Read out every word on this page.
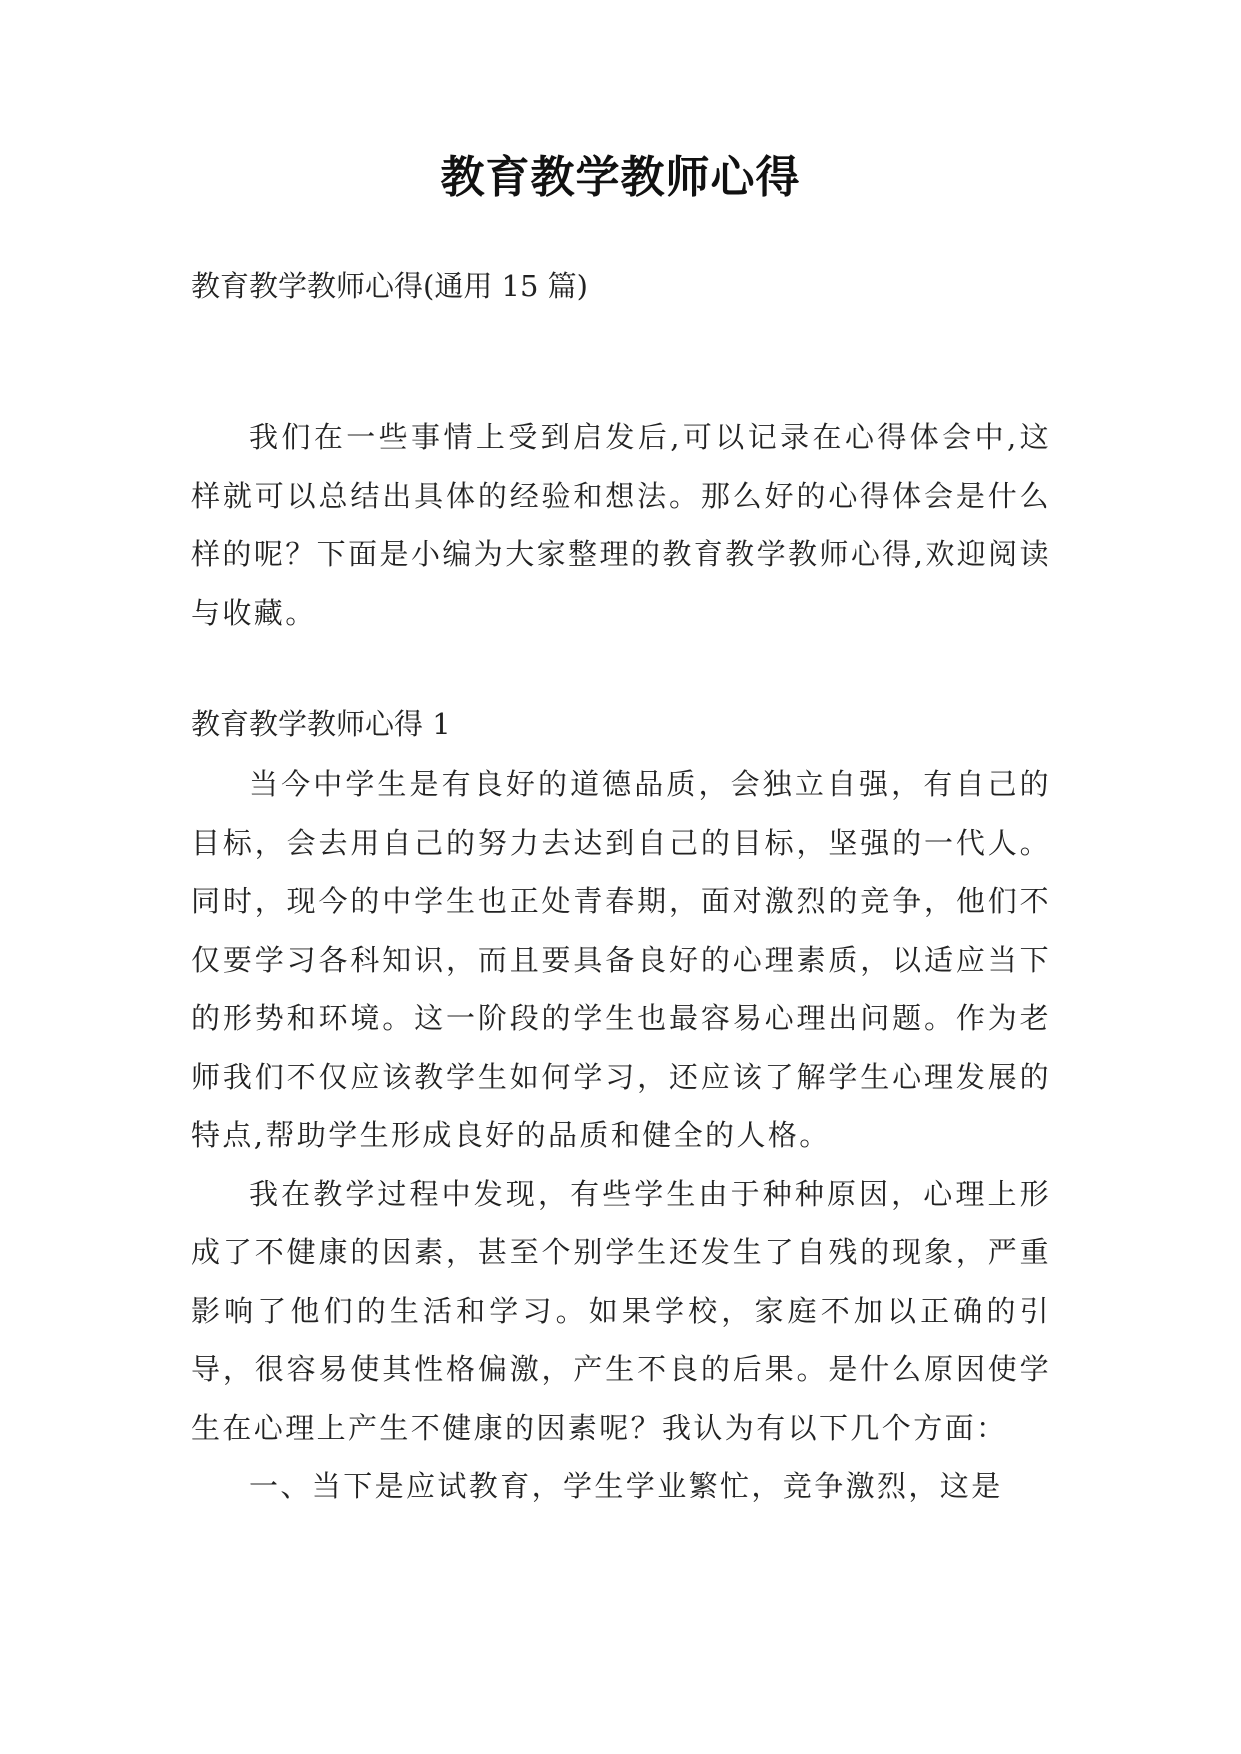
教育教学教师心得
教育教学教师心得(通用 15 篇)
我们在一些事情上受到启发后,可以记录在心得体会中,这样就可以总结出具体的经验和想法。那么好的心得体会是什么样的呢？下面是小编为大家整理的教育教学教师心得,欢迎阅读与收藏。
教育教学教师心得 1
当今中学生是有良好的道德品质，会独立自强，有自己的目标，会去用自己的努力去达到自己的目标，坚强的一代人。同时，现今的中学生也正处青春期，面对激烈的竞争，他们不仅要学习各科知识，而且要具备良好的心理素质，以适应当下的形势和环境。这一阶段的学生也最容易心理出问题。作为老师我们不仅应该教学生如何学习，还应该了解学生心理发展的特点,帮助学生形成良好的品质和健全的人格。
我在教学过程中发现，有些学生由于种种原因，心理上形成了不健康的因素，甚至个别学生还发生了自残的现象，严重影响了他们的生活和学习。如果学校，家庭不加以正确的引导，很容易使其性格偏激，产生不良的后果。是什么原因使学生在心理上产生不健康的因素呢？我认为有以下几个方面：
一、当下是应试教育，学生学业繁忙，竞争激烈，这是
